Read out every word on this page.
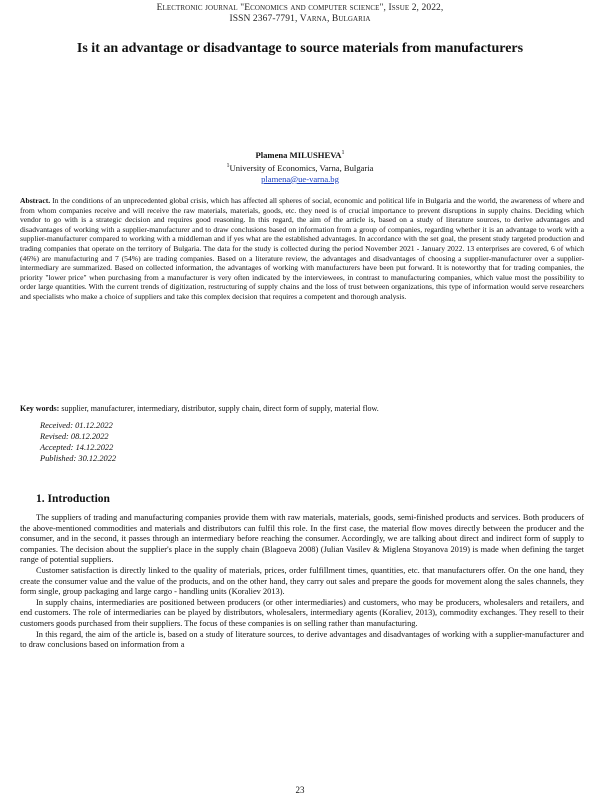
Electronic journal "Economics and computer science", Issue 2, 2022,
ISSN 2367-7791, Varna, Bulgaria
Is it an advantage or disadvantage to source materials from manufacturers
Plamena MILUSHEVA$^1$
$^1$University of Economics, Varna, Bulgaria
plamena@ue-varna.bg
Abstract. In the conditions of an unprecedented global crisis, which has affected all spheres of social, economic and political life in Bulgaria and the world, the awareness of where and from whom companies receive and will receive the raw materials, materials, goods, etc. they need is of crucial importance to prevent disruptions in supply chains. Deciding which vendor to go with is a strategic decision and requires good reasoning. In this regard, the aim of the article is, based on a study of literature sources, to derive advantages and disadvantages of working with a supplier-manufacturer and to draw conclusions based on information from a group of companies, regarding whether it is an advantage to work with a supplier-manufacturer compared to working with a middleman and if yes what are the established advantages. In accordance with the set goal, the present study targeted production and trading companies that operate on the territory of Bulgaria. The data for the study is collected during the period November 2021 - January 2022. 13 enterprises are covered, 6 of which (46%) are manufacturing and 7 (54%) are trading companies. Based on a literature review, the advantages and disadvantages of choosing a supplier-manufacturer over a supplier-intermediary are summarized. Based on collected information, the advantages of working with manufacturers have been put forward. It is noteworthy that for trading companies, the priority "lower price" when purchasing from a manufacturer is very often indicated by the interviewees, in contrast to manufacturing companies, which value most the possibility to order large quantities. With the current trends of digitization, restructuring of supply chains and the loss of trust between organizations, this type of information would serve researchers and specialists who make a choice of suppliers and take this complex decision that requires a competent and thorough analysis.
Key words: supplier, manufacturer, intermediary, distributor, supply chain, direct form of supply, material flow.
Received: 01.12.2022
Revised: 08.12.2022
Accepted: 14.12.2022
Published: 30.12.2022
1. Introduction

The suppliers of trading and manufacturing companies provide them with raw materials, materials, goods, semi-finished products and services. Both producers of the above-mentioned commodities and materials and distributors can fulfil this role. In the first case, the material flow moves directly between the producer and the consumer, and in the second, it passes through an intermediary before reaching the consumer. Accordingly, we are talking about direct and indirect form of supply to companies. The decision about the supplier's place in the supply chain (Blagoeva 2008) (Julian Vasilev & Miglena Stoyanova 2019) is made when defining the target range of potential suppliers.

Customer satisfaction is directly linked to the quality of materials, prices, order fulfillment times, quantities, etc. that manufacturers offer. On the one hand, they create the consumer value and the value of the products, and on the other hand, they carry out sales and prepare the goods for movement along the sales channels, they form single, group packaging and large cargo - handling units (Koraliev 2013).

In supply chains, intermediaries are positioned between producers (or other intermediaries) and customers, who may be producers, wholesalers and retailers, and end customers. The role of intermediaries can be played by distributors, wholesalers, intermediary agents (Koraliev, 2013), commodity exchanges. They resell to their customers goods purchased from their suppliers. The focus of these companies is on selling rather than manufacturing.

In this regard, the aim of the article is, based on a study of literature sources, to derive advantages and disadvantages of working with a supplier-manufacturer and to draw conclusions based on information from a

23
